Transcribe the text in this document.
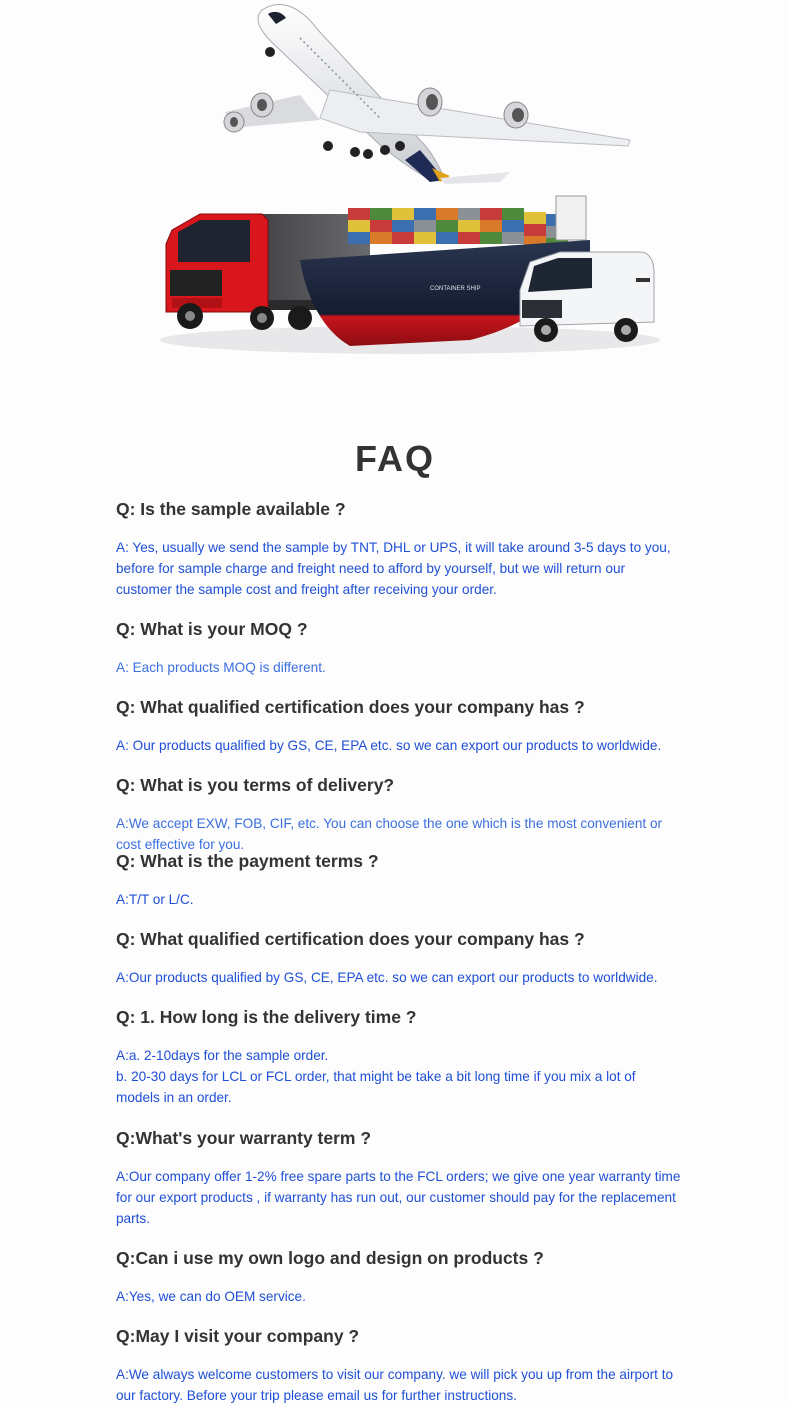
CONTAINER SHIP
FAQ

Q: Is the sample available ?

A: Yes, usually we send the sample by TNT, DHL or UPS, it will take around 3-5 days to you, before for sample charge and freight need to afford by yourself, but we will return our customer the sample cost and freight after receiving your order.

Q: What is your MOQ ?

A: Each products MOQ is different.

Q: What qualified certification does your company has ?

A: Our products qualified by GS, CE, EPA etc. so we can export our products to worldwide.

Q: What is you terms of delivery?

A:We accept EXW, FOB, CIF, etc. You can choose the one which is the most convenient or cost effective for you.

Q: What is the payment terms ?

A:T/T or L/C.

Q: What qualified certification does your company has ?

A:Our products qualified by GS, CE, EPA etc. so we can export our products to worldwide.

Q: 1. How long is the delivery time ?

A:a. 2-10days for the sample order.
b. 20-30 days for LCL or FCL order, that might be take a bit long time if you mix a lot of models in an order.

Q:What's your warranty term ?

A:Our company offer 1-2% free spare parts to the FCL orders; we give one year warranty time for our export products , if warranty has run out, our customer should pay for the replacement parts.

Q:Can i use my own logo and design on products ?

A:Yes, we can do OEM service.

Q:May I visit your company ?

A:We always welcome customers to visit our company. we will pick you up from the airport to our factory. Before your trip please email us for further instructions.
